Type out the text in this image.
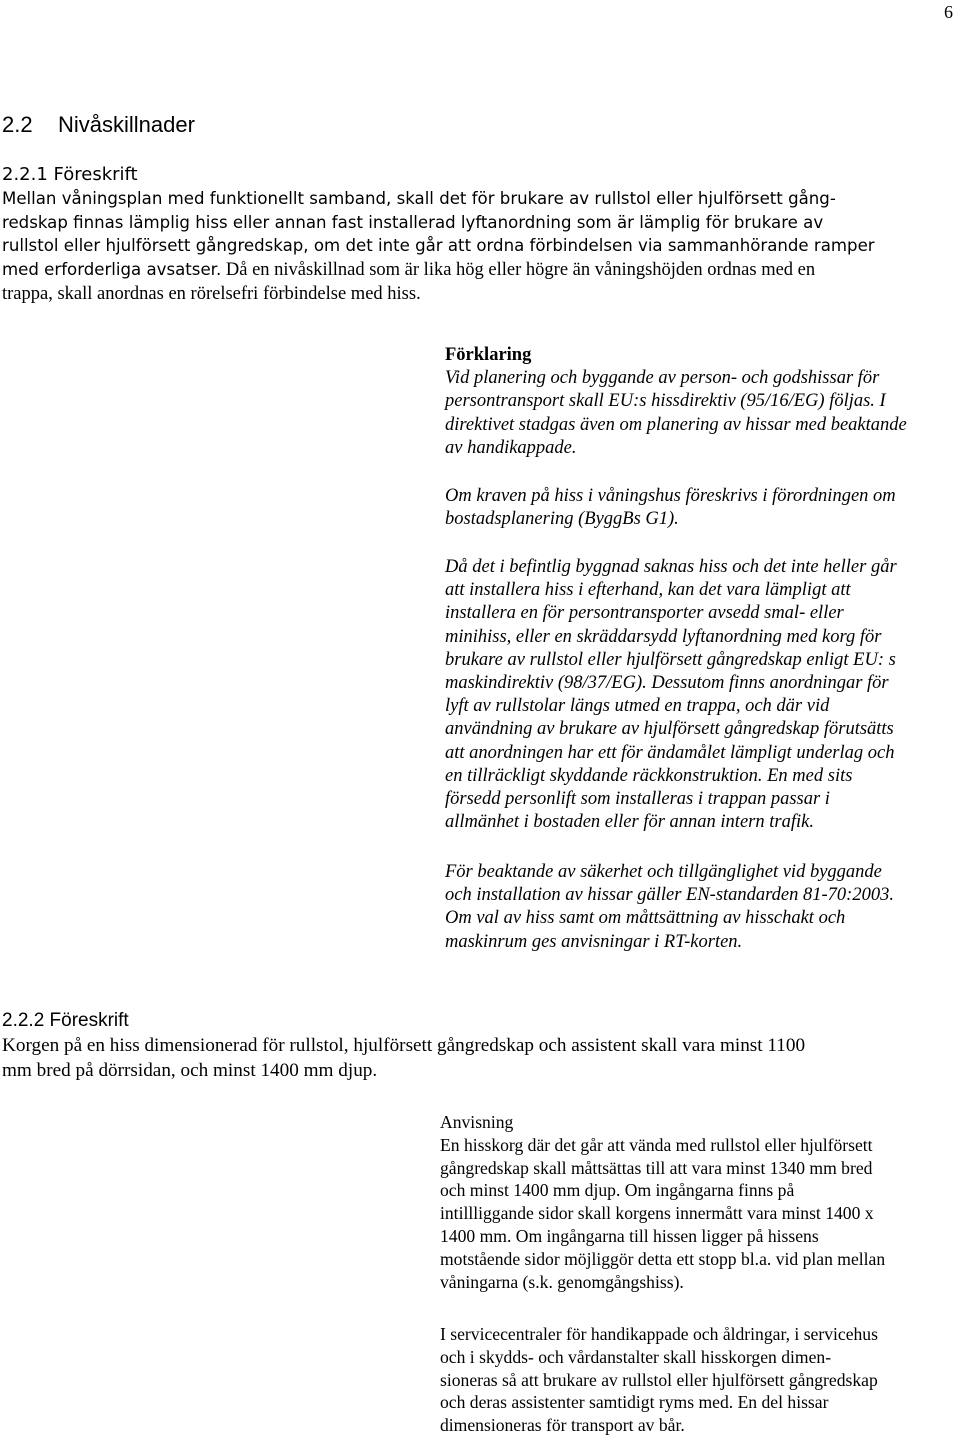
6
2.2 Nivåskillnader
2.2.1 Föreskrift

Mellan våningsplan med funktionellt samband, skall det för brukare av rullstol eller hjulförsett gång-

redskap finnas lämplig hiss eller annan fast installerad lyftanordning som är lämplig för brukare av

rullstol eller hjulförsett gångredskap, om det inte går att ordna förbindelsen via sammanhörande ramper

med erforderliga avsatser. Då en nivåskillnad som är lika hög eller högre än våningshöjden ordnas med en

trappa, skall anordnas en rörelsefri förbindelse med hiss.

Förklaring

Vid planering och byggande av person- och godshissar för

persontransport skall EU:s hissdirektiv (95/16/EG) följas. I

direktivet stadgas även om planering av hissar med beaktande

av handikappade.

Om kraven på hiss i våningshus föreskrivs i förordningen om

bostadsplanering (ByggBs G1).

Då det i befintlig byggnad saknas hiss och det inte heller går

att installera hiss i efterhand, kan det vara lämpligt att

installera en för persontransporter avsedd smal- eller

minihiss, eller en skräddarsydd lyftanordning med korg för

brukare av rullstol eller hjulförsett gångredskap enligt EU: s

maskindirektiv (98/37/EG). Dessutom finns anordningar för

lyft av rullstolar längs utmed en trappa, och där vid

användning av brukare av hjulförsett gångredskap förutsätts

att anordningen har ett för ändamålet lämpligt underlag och

en tillräckligt skyddande räckkonstruktion. En med sits

försedd personlift som installeras i trappan passar i

allmänhet i bostaden eller för annan intern trafik.

För beaktande av säkerhet och tillgänglighet vid byggande

och installation av hissar gäller EN-standarden 81-70:2003.

Om val av hiss samt om måttsättning av hisschakt och

maskinrum ges anvisningar i RT-korten.

2.2.2 Föreskrift

Korgen på en hiss dimensionerad för rullstol, hjulförsett gångredskap och assistent skall vara minst 1100

mm bred på dörrsidan, och minst 1400 mm djup.

Anvisning

En hisskorg där det går att vända med rullstol eller hjulförsett

gångredskap skall måttsättas till att vara minst 1340 mm bred

och minst 1400 mm djup. Om ingångarna finns på

intillliggande sidor skall korgens innermått vara minst 1400 x

1400 mm. Om ingångarna till hissen ligger på hissens

motstående sidor möjliggör detta ett stopp bl.a. vid plan mellan

våningarna (s.k. genomgångshiss).

I servicecentraler för handikappade och åldringar, i servicehus

och i skydds- och vårdanstalter skall hisskorgen dimen-

sioneras så att brukare av rullstol eller hjulförsett gångredskap

och deras assistenter samtidigt ryms med. En del hissar

dimensioneras för transport av bår.
